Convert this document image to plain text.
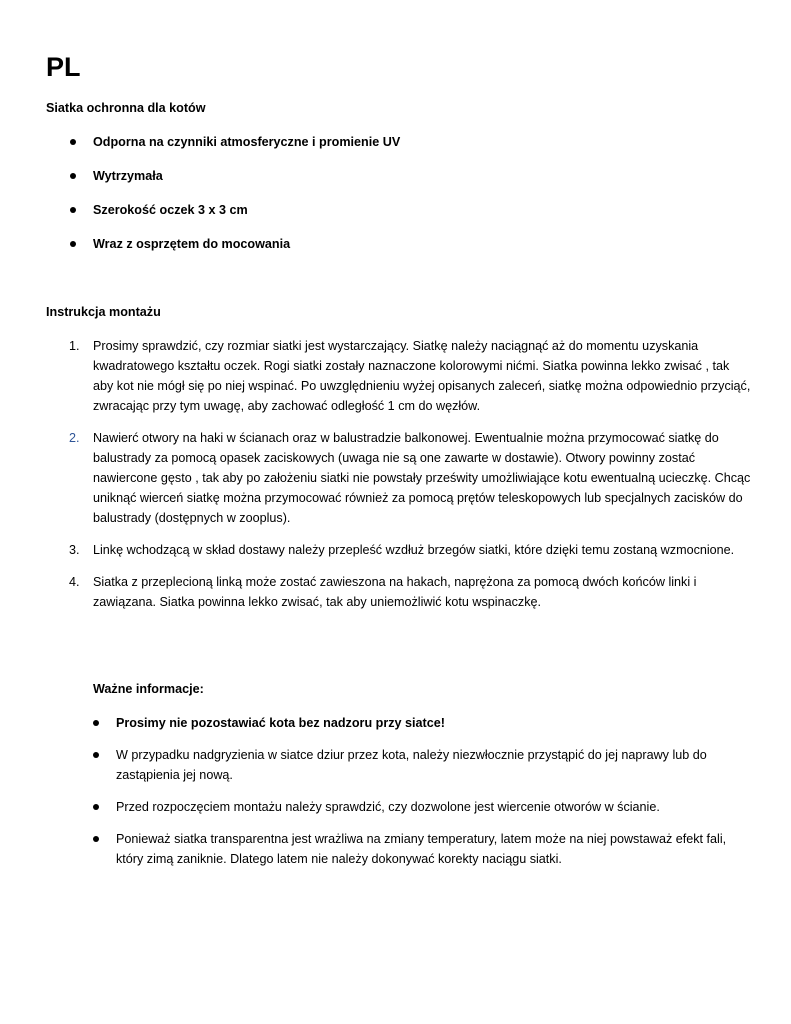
PL

Siatka ochronna dla kotów

Odporna na czynniki atmosferyczne i promienie UV
Wytrzymała
Szerokość oczek 3 x 3 cm
Wraz z osprzętem do mocowania

Instrukcja montażu

1. Prosimy sprawdzić, czy rozmiar siatki jest wystarczający. Siatkę należy naciągnąć aż do momentu uzyskania kwadratowego kształtu oczek. Rogi siatki zostały naznaczone kolorowymi nićmi. Siatka powinna lekko zwisać , tak aby kot nie mógł się po niej wspinać. Po uwzględnieniu wyżej opisanych zaleceń, siatkę można odpowiednio przyciąć, zwracając przy tym uwagę, aby zachować odległość 1 cm do węzłów.
2. Nawierć otwory na haki w ścianach oraz w balustradzie balkonowej. Ewentualnie można przymocować siatkę do balustrady za pomocą opasek zaciskowych (uwaga nie są one zawarte w dostawie). Otwory powinny zostać nawiercone gęsto , tak aby po założeniu siatki nie powstały prześwity umożliwiające kotu ewentualną ucieczkę. Chcąc uniknąć wierceń siatkę można przymocować również za pomocą prętów teleskopowych lub specjalnych zacisków do balustrady (dostępnych w zooplus).
3. Linkę wchodzącą w skład dostawy należy przepleść wzdłuż brzegów siatki, które dzięki temu zostaną wzmocnione.
4. Siatka z przeplecioną linką może zostać zawieszona na hakach, naprężona za pomocą dwóch końców linki i zawiązana. Siatka powinna lekko zwisać, tak aby uniemożliwić kotu wspinaczkę.

Ważne informacje:

Prosimy nie pozostawiać kota bez nadzoru przy siatce!
W przypadku nadgryzienia w siatce dziur przez kota, należy niezwłocznie przystąpić do jej naprawy lub do zastąpienia jej nową.
Przed rozpoczęciem montażu należy sprawdzić, czy dozwolone jest wiercenie otworów w ścianie.
Ponieważ siatka transparentna jest wrażliwa na zmiany temperatury, latem może na niej powstaważ efekt fali, który zimą zaniknie. Dlatego latem nie należy dokonywać korekty naciągu siatki.
